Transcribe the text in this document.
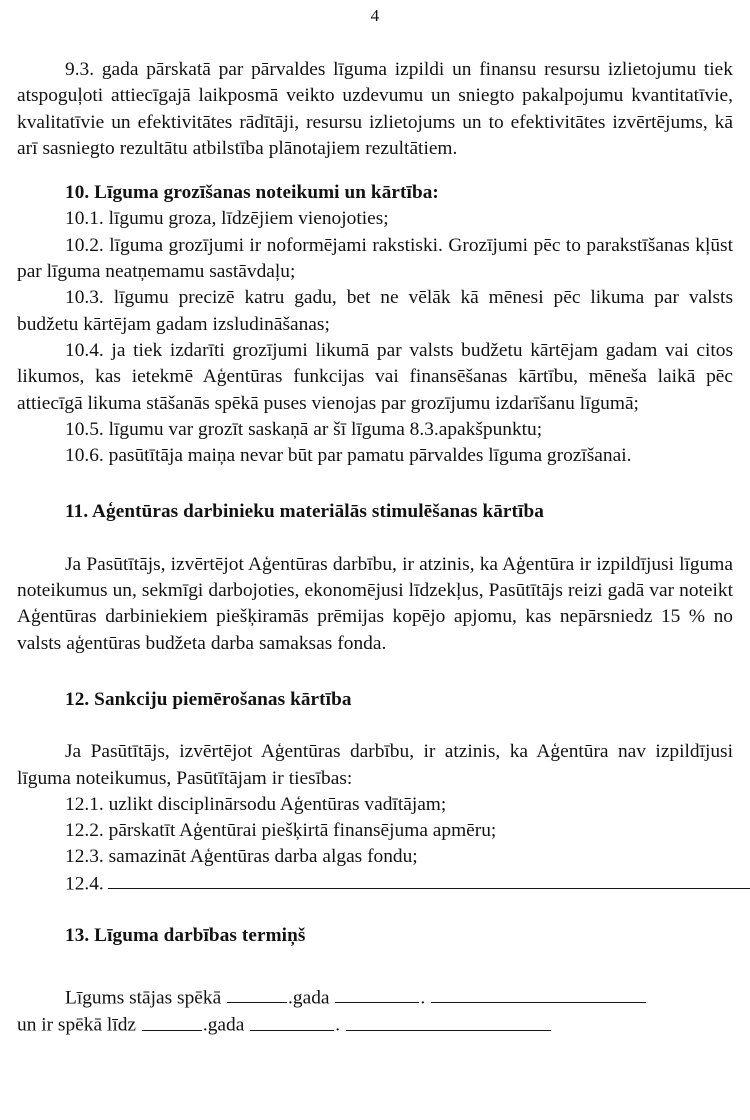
4

9.3. gada pārskatā par pārvaldes līguma izpildi un finansu resursu izlietojumu tiek atspoguļoti attiecīgajā laikposmā veikto uzdevumu un sniegto pakalpojumu kvantitatīvie, kvalitatīvie un efektivitātes rādītāji, resursu izlietojums un to efektivitātes izvērtējums, kā arī sasniegto rezultātu atbilstība plānotajiem rezultātiem.

10. Līguma grozīšanas noteikumi un kārtība:

10.1. līgumu groza, līdzējiem vienojoties;

10.2. līguma grozījumi ir noformējami rakstiski. Grozījumi pēc to parakstīšanas kļūst par līguma neatņemamu sastāvdaļu;

10.3. līgumu precizē katru gadu, bet ne vēlāk kā mēnesi pēc likuma par valsts budžetu kārtējam gadam izsludināšanas;

10.4. ja tiek izdarīti grozījumi likumā par valsts budžetu kārtējam gadam vai citos likumos, kas ietekmē Aģentūras funkcijas vai finansēšanas kārtību, mēneša laikā pēc attiecīgā likuma stāšanās spēkā puses vienojas par grozījumu izdarīšanu līgumā;

10.5. līgumu var grozīt saskaņā ar šī līguma 8.3.apakšpunktu;

10.6. pasūtītāja maiņa nevar būt par pamatu pārvaldes līguma grozīšanai.

11. Aģentūras darbinieku materiālās stimulēšanas kārtība

Ja Pasūtītājs, izvērtējot Aģentūras darbību, ir atzinis, ka Aģentūra ir izpildījusi līguma noteikumus un, sekmīgi darbojoties, ekonomējusi līdzekļus, Pasūtītājs reizi gadā var noteikt Aģentūras darbiniekiem piešķiramās prēmijas kopējo apjomu, kas nepārsniedz 15 % no valsts aģentūras budžeta darba samaksas fonda.

12. Sankciju piemērošanas kārtība

Ja Pasūtītājs, izvērtējot Aģentūras darbību, ir atzinis, ka Aģentūra nav izpildījusi līguma noteikumus, Pasūtītājam ir tiesības:

12.1. uzlikt disciplinārsodu Aģentūras vadītājam;

12.2. pārskatīt Aģentūrai piešķirtā finansējuma apmēru;

12.3. samazināt Aģentūras darba algas fondu;

12.4.

13. Līguma darbības termiņš

Līgums stājas spēkā	.gada	.

un ir spēkā līdz	.gada	.
